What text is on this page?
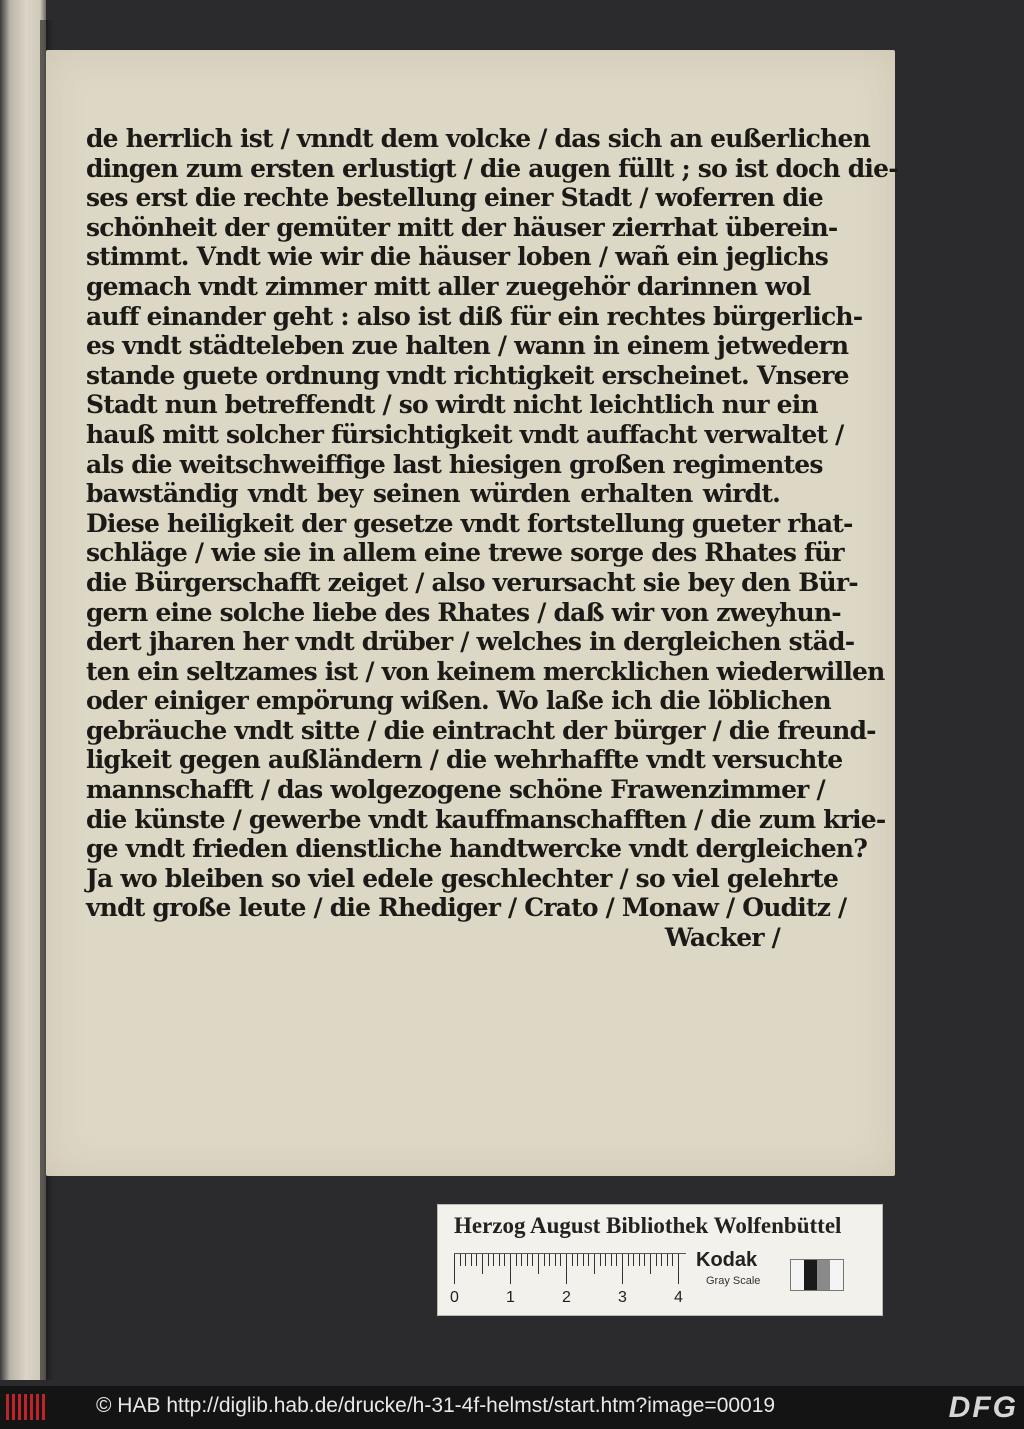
de herrlich ist / vnndt dem volcke / das sich an eußerlichen
dingen zum ersten erlustigt / die augen füllt ; so ist doch die-
ses erst die rechte bestellung einer Stadt / woferren die
schönheit der gemüter mitt der häuser zierrhat überein-
stimmt. Vndt wie wir die häuser loben / wañ ein jeglichs
gemach vndt zimmer mitt aller zuegehör darinnen wol
auff einander geht : also ist diß für ein rechtes bürgerlich-
es vndt städteleben zue halten / wann in einem jetwedern
stande guete ordnung vndt richtigkeit erscheinet. Vnsere
Stadt nun betreffendt / so wirdt nicht leichtlich nur ein
hauß mitt solcher fürsichtigkeit vndt auffacht verwaltet /
als die weitschweiffige last hiesigen großen regimentes
bawständig vndt bey seinen würden erhalten wirdt.
Diese heiligkeit der gesetze vndt fortstellung gueter rhat-
schläge / wie sie in allem eine trewe sorge des Rhates für
die Bürgerschafft zeiget / also verursacht sie bey den Bür-
gern eine solche liebe des Rhates / daß wir von zweyhun-
dert jharen her vndt drüber / welches in dergleichen städ-
ten ein seltzames ist / von keinem mercklichen wiederwillen
oder einiger empörung wißen. Wo laße ich die löblichen
gebräuche vndt sitte / die eintracht der bürger / die freund-
ligkeit gegen außländern / die wehrhaffte vndt versuchte
mannschafft / das wolgezogene schöne Frawenzimmer /
die künste / gewerbe vndt kauffmanschafften / die zum krie-
ge vndt frieden dienstliche handtwercke vndt dergleichen?
Ja wo bleiben so viel edele geschlechter / so viel gelehrte
vndt große leute / die Rhediger / Crato / Monaw / Ouditz /
Wacker /
Herzog August Bibliothek Wolfenbüttel
0	1	2	3	4
Kodak
Gray Scale
© HAB http://diglib.hab.de/drucke/h-31-4f-helmst/start.htm?image=00019	DFG
